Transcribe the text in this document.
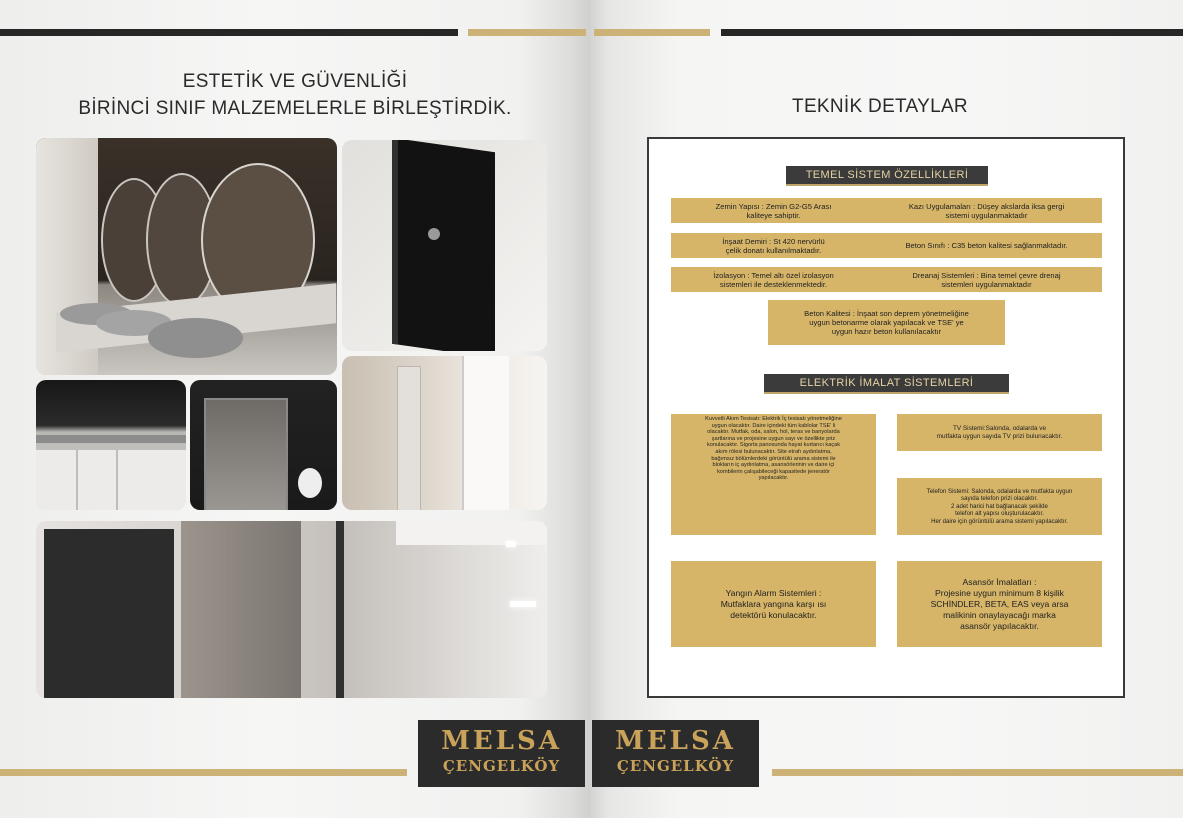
ESTETİK VE GÜVENLİĞİ
BİRİNCİ SINIF MALZEMELERLE BİRLEŞTİRDİK.	TEKNİK DETAYLAR
TEMEL SİSTEM ÖZELLİKLERİ
Zemin Yapısı : Zemin G2-G5 Arası
kaliteye sahiptir.
Kazı Uygulamaları : Düşey akslarda iksa gergi
sistemi uygulanmaktadır
İnşaat Demiri : St 420 nervürlü
çelik donatı kullanılmaktadır.	Beton Sınıfı : C35 beton kalitesi sağlanmaktadır.
İzolasyon : Temel altı özel izolasyon
sistemleri ile desteklenmektedir.
Dreanaj Sistemleri : Bina temel çevre drenaj
sistemleri uygulanmaktadır
Beton Kalitesi : İnşaat son deprem yönetmeliğine
uygun betonarme olarak yapılacak ve TSE' ye
uygun hazır beton kullanılacaktır
ELEKTRİK İMALAT SİSTEMLERİ
Kuvvetli Akım Tesisatı: Elektrik İç tesisatı yönetmeliğine
uygun olacaktır. Daire içindeki tüm kablolar TSE' li
olacaktır. Mutfak, oda, salon, hol, teras ve banyolarda
şartlarına ve projesine uygun sayı ve özellikte priz
konulacaktır. Sigorta panosunda hayat kurtarıcı kaçak
akım rölesi bulunacaktır. Site etrafı aydınlatma,
bağımsız bölümlerdeki görüntülü arama sistemi ile
blokların iç aydınlatma, asansörlerinin ve daire içi
kombilerin çalışabileceği kapasitede jeneratör
yapılacaktır.
TV Sistemi:Salonda, odalarda ve
mutfakta uygun sayıda TV prizi bulunacaktır.
Telefon Sistemi: Salonda, odalarda ve mutfakta uygun
sayıda telefon prizi olacaktır.
2 adet harici hat bağlanacak şekilde
telefon alt yapısı oluşturulacaktır.
Her daire için görüntülü arama sistemi yapılacaktır.
Yangın Alarm Sistemleri :
Mutfaklara yangına karşı ısı
detektörü konulacaktır.
Asansör İmalatları :
Projesine uygun minimum 8 kişilik
SCHİNDLER, BETA, EAS veya arsa
malikinin onaylayacağı marka
asansör yapılacaktır.
MELSA
ÇENGELKÖY
MELSA
ÇENGELKÖY
